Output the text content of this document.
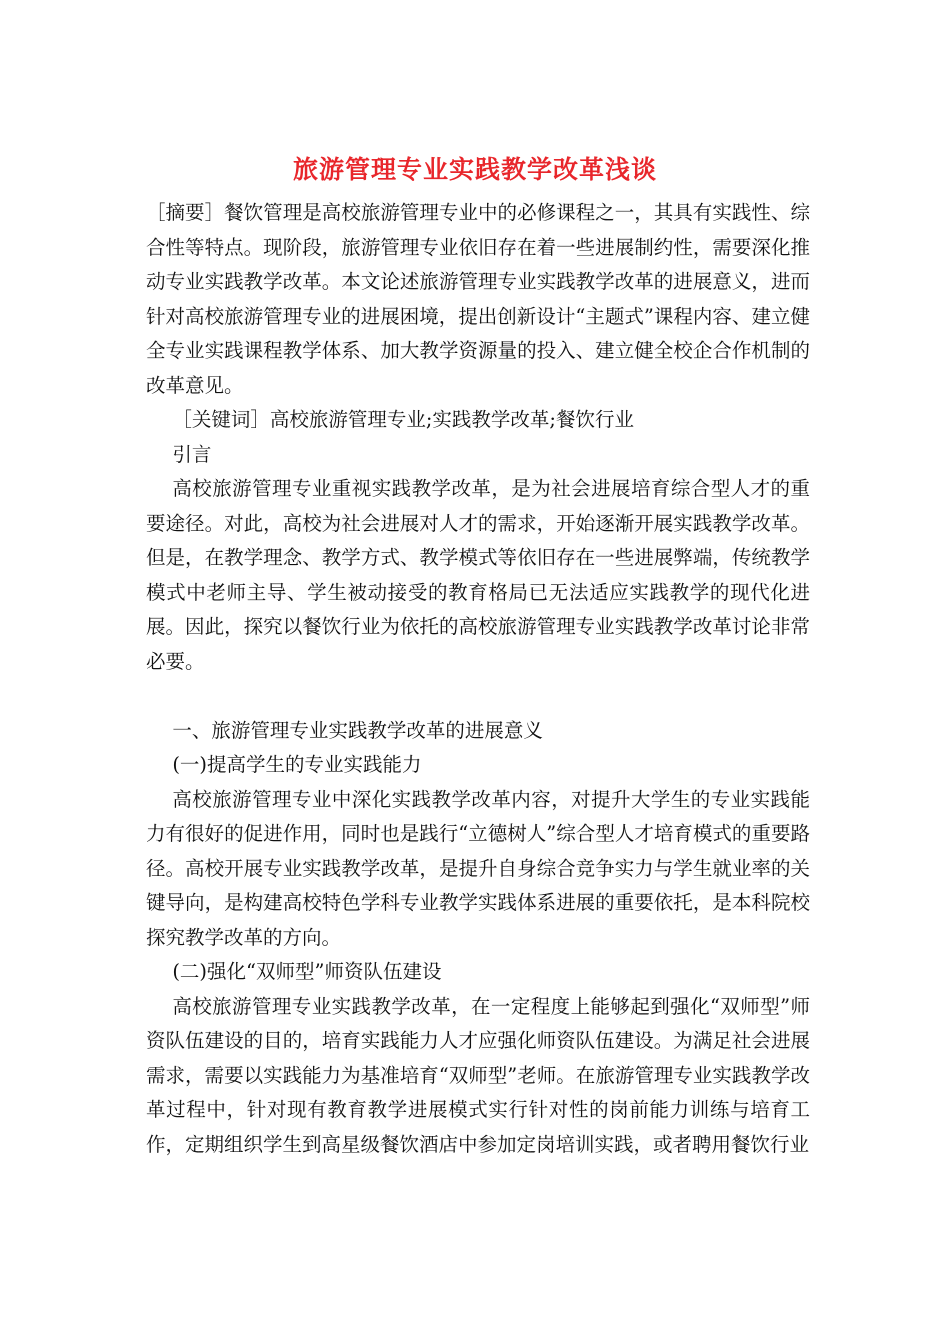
旅游管理专业实践教学改革浅谈

［摘要］餐饮管理是高校旅游管理专业中的必修课程之一，其具有实践性、综合性等特点。现阶段，旅游管理专业依旧存在着一些进展制约性，需要深化推动专业实践教学改革。本文论述旅游管理专业实践教学改革的进展意义，进而针对高校旅游管理专业的进展困境，提出创新设计“主题式”课程内容、建立健全专业实践课程教学体系、加大教学资源量的投入、建立健全校企合作机制的改革意见。

［关键词］高校旅游管理专业;实践教学改革;餐饮行业

引言

高校旅游管理专业重视实践教学改革，是为社会进展培育综合型人才的重要途径。对此，高校为社会进展对人才的需求，开始逐渐开展实践教学改革。但是，在教学理念、教学方式、教学模式等依旧存在一些进展弊端，传统教学模式中老师主导、学生被动接受的教育格局已无法适应实践教学的现代化进展。因此，探究以餐饮行业为依托的高校旅游管理专业实践教学改革讨论非常必要。

一、旅游管理专业实践教学改革的进展意义

(一)提高学生的专业实践能力

高校旅游管理专业中深化实践教学改革内容，对提升大学生的专业实践能力有很好的促进作用，同时也是践行“立德树人”综合型人才培育模式的重要路径。高校开展专业实践教学改革，是提升自身综合竞争实力与学生就业率的关键导向，是构建高校特色学科专业教学实践体系进展的重要依托，是本科院校探究教学改革的方向。

(二)强化“双师型”师资队伍建设

高校旅游管理专业实践教学改革，在一定程度上能够起到强化“双师型”师资队伍建设的目的，培育实践能力人才应强化师资队伍建设。为满足社会进展需求，需要以实践能力为基准培育“双师型”老师。在旅游管理专业实践教学改革过程中，针对现有教育教学进展模式实行针对性的岗前能力训练与培育工作，定期组织学生到高星级餐饮酒店中参加定岗培训实践，或者聘用餐饮行业
